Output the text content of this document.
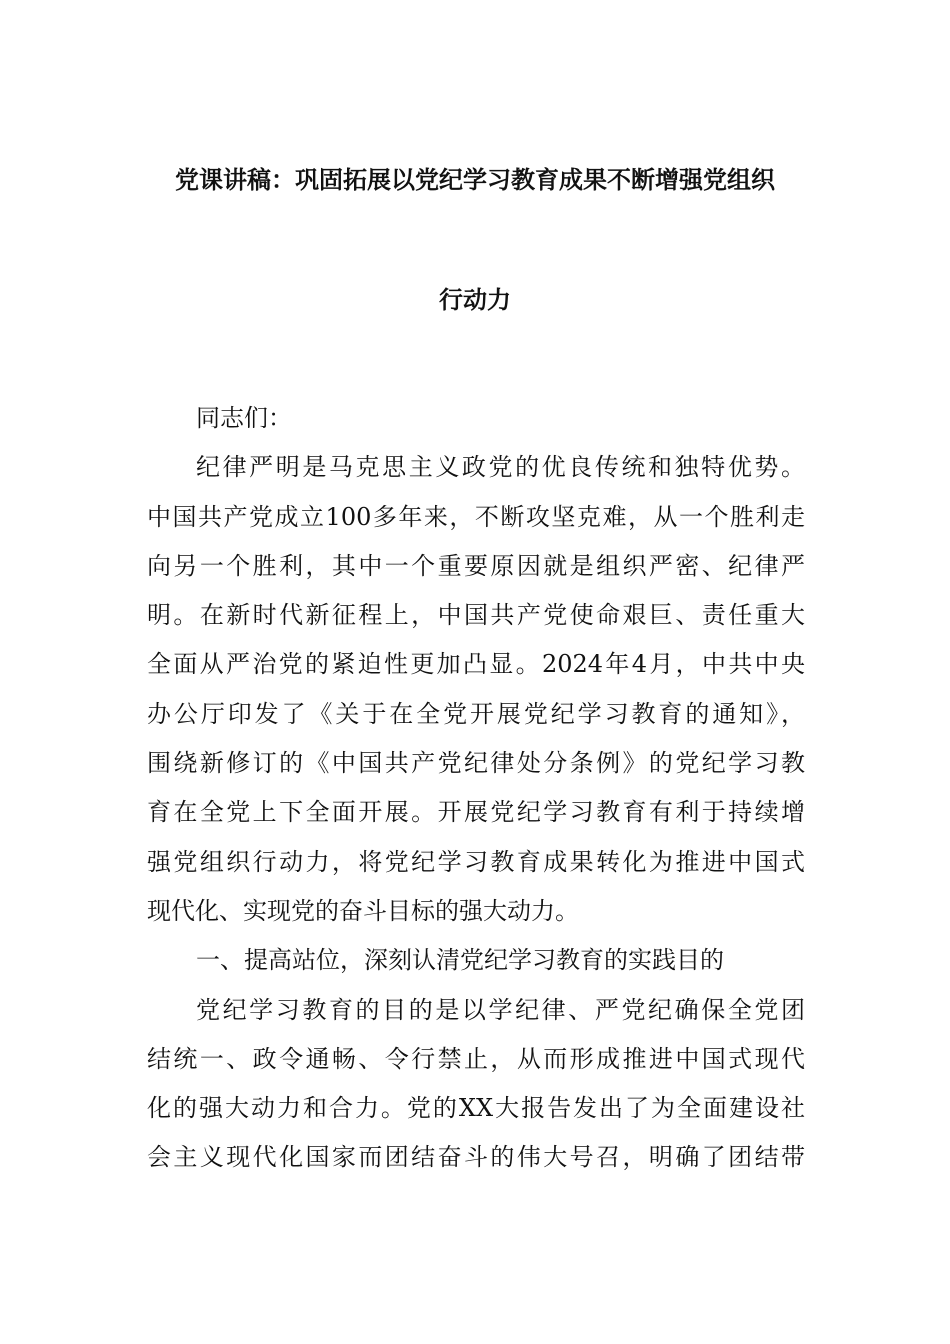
党课讲稿：巩固拓展以党纪学习教育成果不断增强党组织
行动力
同志们：
纪律严明是马克思主义政党的优良传统和独特优势。
中国共产党成立100多年来，不断攻坚克难，从一个胜利走
向另一个胜利，其中一个重要原因就是组织严密、纪律严
明。在新时代新征程上，中国共产党使命艰巨、责任重大
全面从严治党的紧迫性更加凸显。2024年4月，中共中央
办公厅印发了《关于在全党开展党纪学习教育的通知》，
围绕新修订的《中国共产党纪律处分条例》的党纪学习教
育在全党上下全面开展。开展党纪学习教育有利于持续增
强党组织行动力，将党纪学习教育成果转化为推进中国式
现代化、实现党的奋斗目标的强大动力。
一、提高站位，深刻认清党纪学习教育的实践目的
党纪学习教育的目的是以学纪律、严党纪确保全党团
结统一、政令通畅、令行禁止，从而形成推进中国式现代
化的强大动力和合力。党的XX大报告发出了为全面建设社
会主义现代化国家而团结奋斗的伟大号召，明确了团结带
